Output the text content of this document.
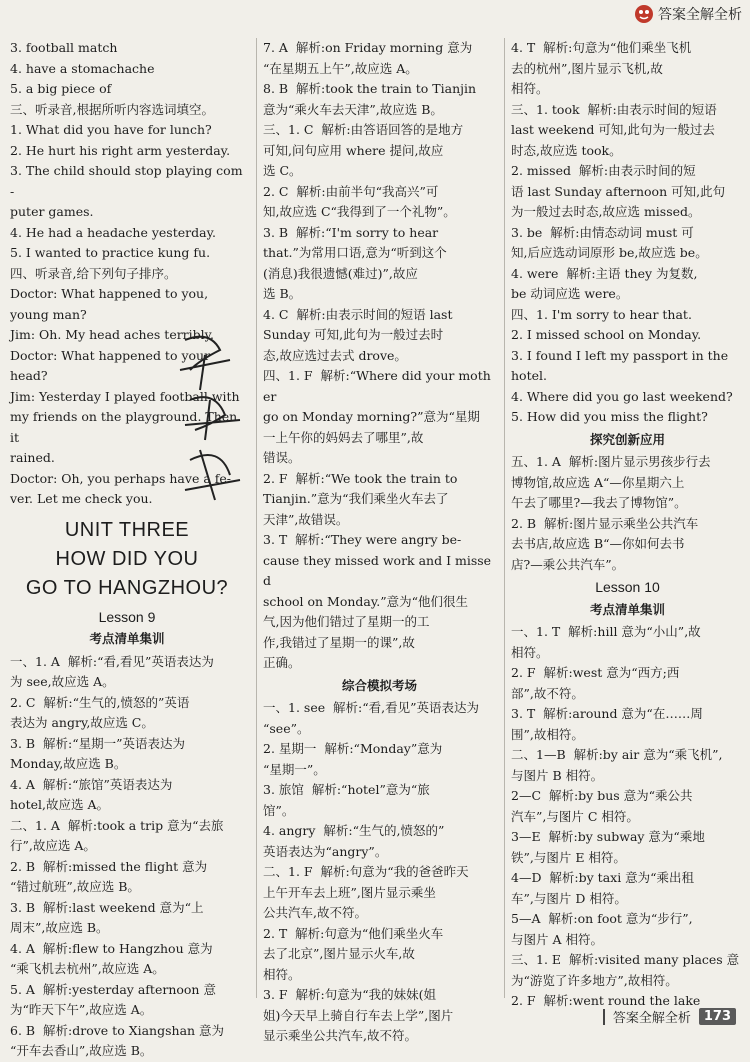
答案全解全析
3. football match
4. have a stomachache
5. a big piece of
三、听录音,根据所听内容选词填空。
1. What did you have for lunch?
2. He hurt his right arm yesterday.
3. The child should stop playing com-
puter games.
4. He had a headache yesterday.
5. I wanted to practice kung fu.
四、听录音,给下列句子排序。
Doctor: What happened to you,
young man?
Jim: Oh. My head aches terribly.
Doctor: What happened to your
head?
Jim: Yesterday I played football with
my friends on the playground. Then it
rained.
Doctor: Oh, you perhaps have a fe-
ver. Let me check you.
UNIT THREE
HOW DID YOU
GO TO HANGZHOU?
Lesson 9
考点清单集训
一、1. A  解析:“看,看见”英语表达为
为 see,故应选 A。
2. C  解析:“生气的,愤怒的”英语
表达为 angry,故应选 C。
3. B  解析:“星期一”英语表达为
Monday,故应选 B。
4. A  解析:“旅馆”英语表达为
hotel,故应选 A。
二、1. A  解析:took a trip 意为“去旅
行”,故应选 A。
2. B  解析:missed the flight 意为
“错过航班”,故应选 B。
3. B  解析:last weekend 意为“上
周末”,故应选 B。
4. A  解析:flew to Hangzhou 意为
“乘飞机去杭州”,故应选 A。
5. A  解析:yesterday afternoon 意
为“昨天下午”,故应选 A。
6. B  解析:drove to Xiangshan 意为
“开车去香山”,故应选 B。
7. A  解析:on Friday morning 意为
“在星期五上午”,故应选 A。
8. B  解析:took the train to Tianjin
意为“乘火车去天津”,故应选 B。
三、1. C  解析:由答语回答的是地方
可知,问句应用 where 提问,故应
选 C。
2. C  解析:由前半句“我高兴”可
知,故应选 C“我得到了一个礼物”。
3. B  解析:“I'm sorry to hear
that.”为常用口语,意为“听到这个
(消息)我很遗憾(难过)”,故应
选 B。
4. C  解析:由表示时间的短语 last
Sunday 可知,此句为一般过去时
态,故应选过去式 drove。
四、1. F  解析:“Where did your mother
go on Monday morning?”意为“星期
一上午你的妈妈去了哪里”,故
错误。
2. F  解析:“We took the train to
Tianjin.”意为“我们乘坐火车去了
天津”,故错误。
3. T  解析:“They were angry be-
cause they missed work and I missed
school on Monday.”意为“他们很生
气,因为他们错过了星期一的工
作,我错过了星期一的课”,故
正确。
综合模拟考场
一、1. see  解析:“看,看见”英语表达为
“see”。
2. 星期一  解析:“Monday”意为
“星期一”。
3. 旅馆  解析:“hotel”意为“旅
馆”。
4. angry  解析:“生气的,愤怒的”
英语表达为“angry”。
二、1. F  解析:句意为“我的爸爸昨天
上午开车去上班”,图片显示乘坐
公共汽车,故不符。
2. T  解析:句意为“他们乘坐火车
去了北京”,图片显示火车,故
相符。
3. F  解析:句意为“我的妹妹(姐
姐)今天早上骑自行车去上学”,图片
显示乘坐公共汽车,故不符。
4. T  解析:句意为“他们乘坐飞机
去的杭州”,图片显示飞机,故
相符。
三、1. took  解析:由表示时间的短语
last weekend 可知,此句为一般过去
时态,故应选 took。
2. missed  解析:由表示时间的短
语 last Sunday afternoon 可知,此句
为一般过去时态,故应选 missed。
3. be  解析:由情态动词 must 可
知,后应选动词原形 be,故应选 be。
4. were  解析:主语 they 为复数,
be 动词应选 were。
四、1. I'm sorry to hear that.
2. I missed school on Monday.
3. I found I left my passport in the
hotel.
4. Where did you go last weekend?
5. How did you miss the flight?
探究创新应用
五、1. A  解析:图片显示男孩步行去
博物馆,故应选 A“—你星期六上
午去了哪里?—我去了博物馆”。
2. B  解析:图片显示乘坐公共汽车
去书店,故应选 B“—你如何去书
店?—乘公共汽车”。
Lesson 10
考点清单集训
一、1. T  解析:hill 意为“小山”,故
相符。
2. F  解析:west 意为“西方;西
部”,故不符。
3. T  解析:around 意为“在……周
围”,故相符。
二、1—B  解析:by air 意为“乘飞机”,
与图片 B 相符。
2—C  解析:by bus 意为“乘公共
汽车”,与图片 C 相符。
3—E  解析:by subway 意为“乘地
铁”,与图片 E 相符。
4—D  解析:by taxi 意为“乘出租
车”,与图片 D 相符。
5—A  解析:on foot 意为“步行”,
与图片 A 相符。
三、1. E  解析:visited many places 意
为“游览了许多地方”,故相符。
2. F  解析:went round the lake
答案全解全析	173
